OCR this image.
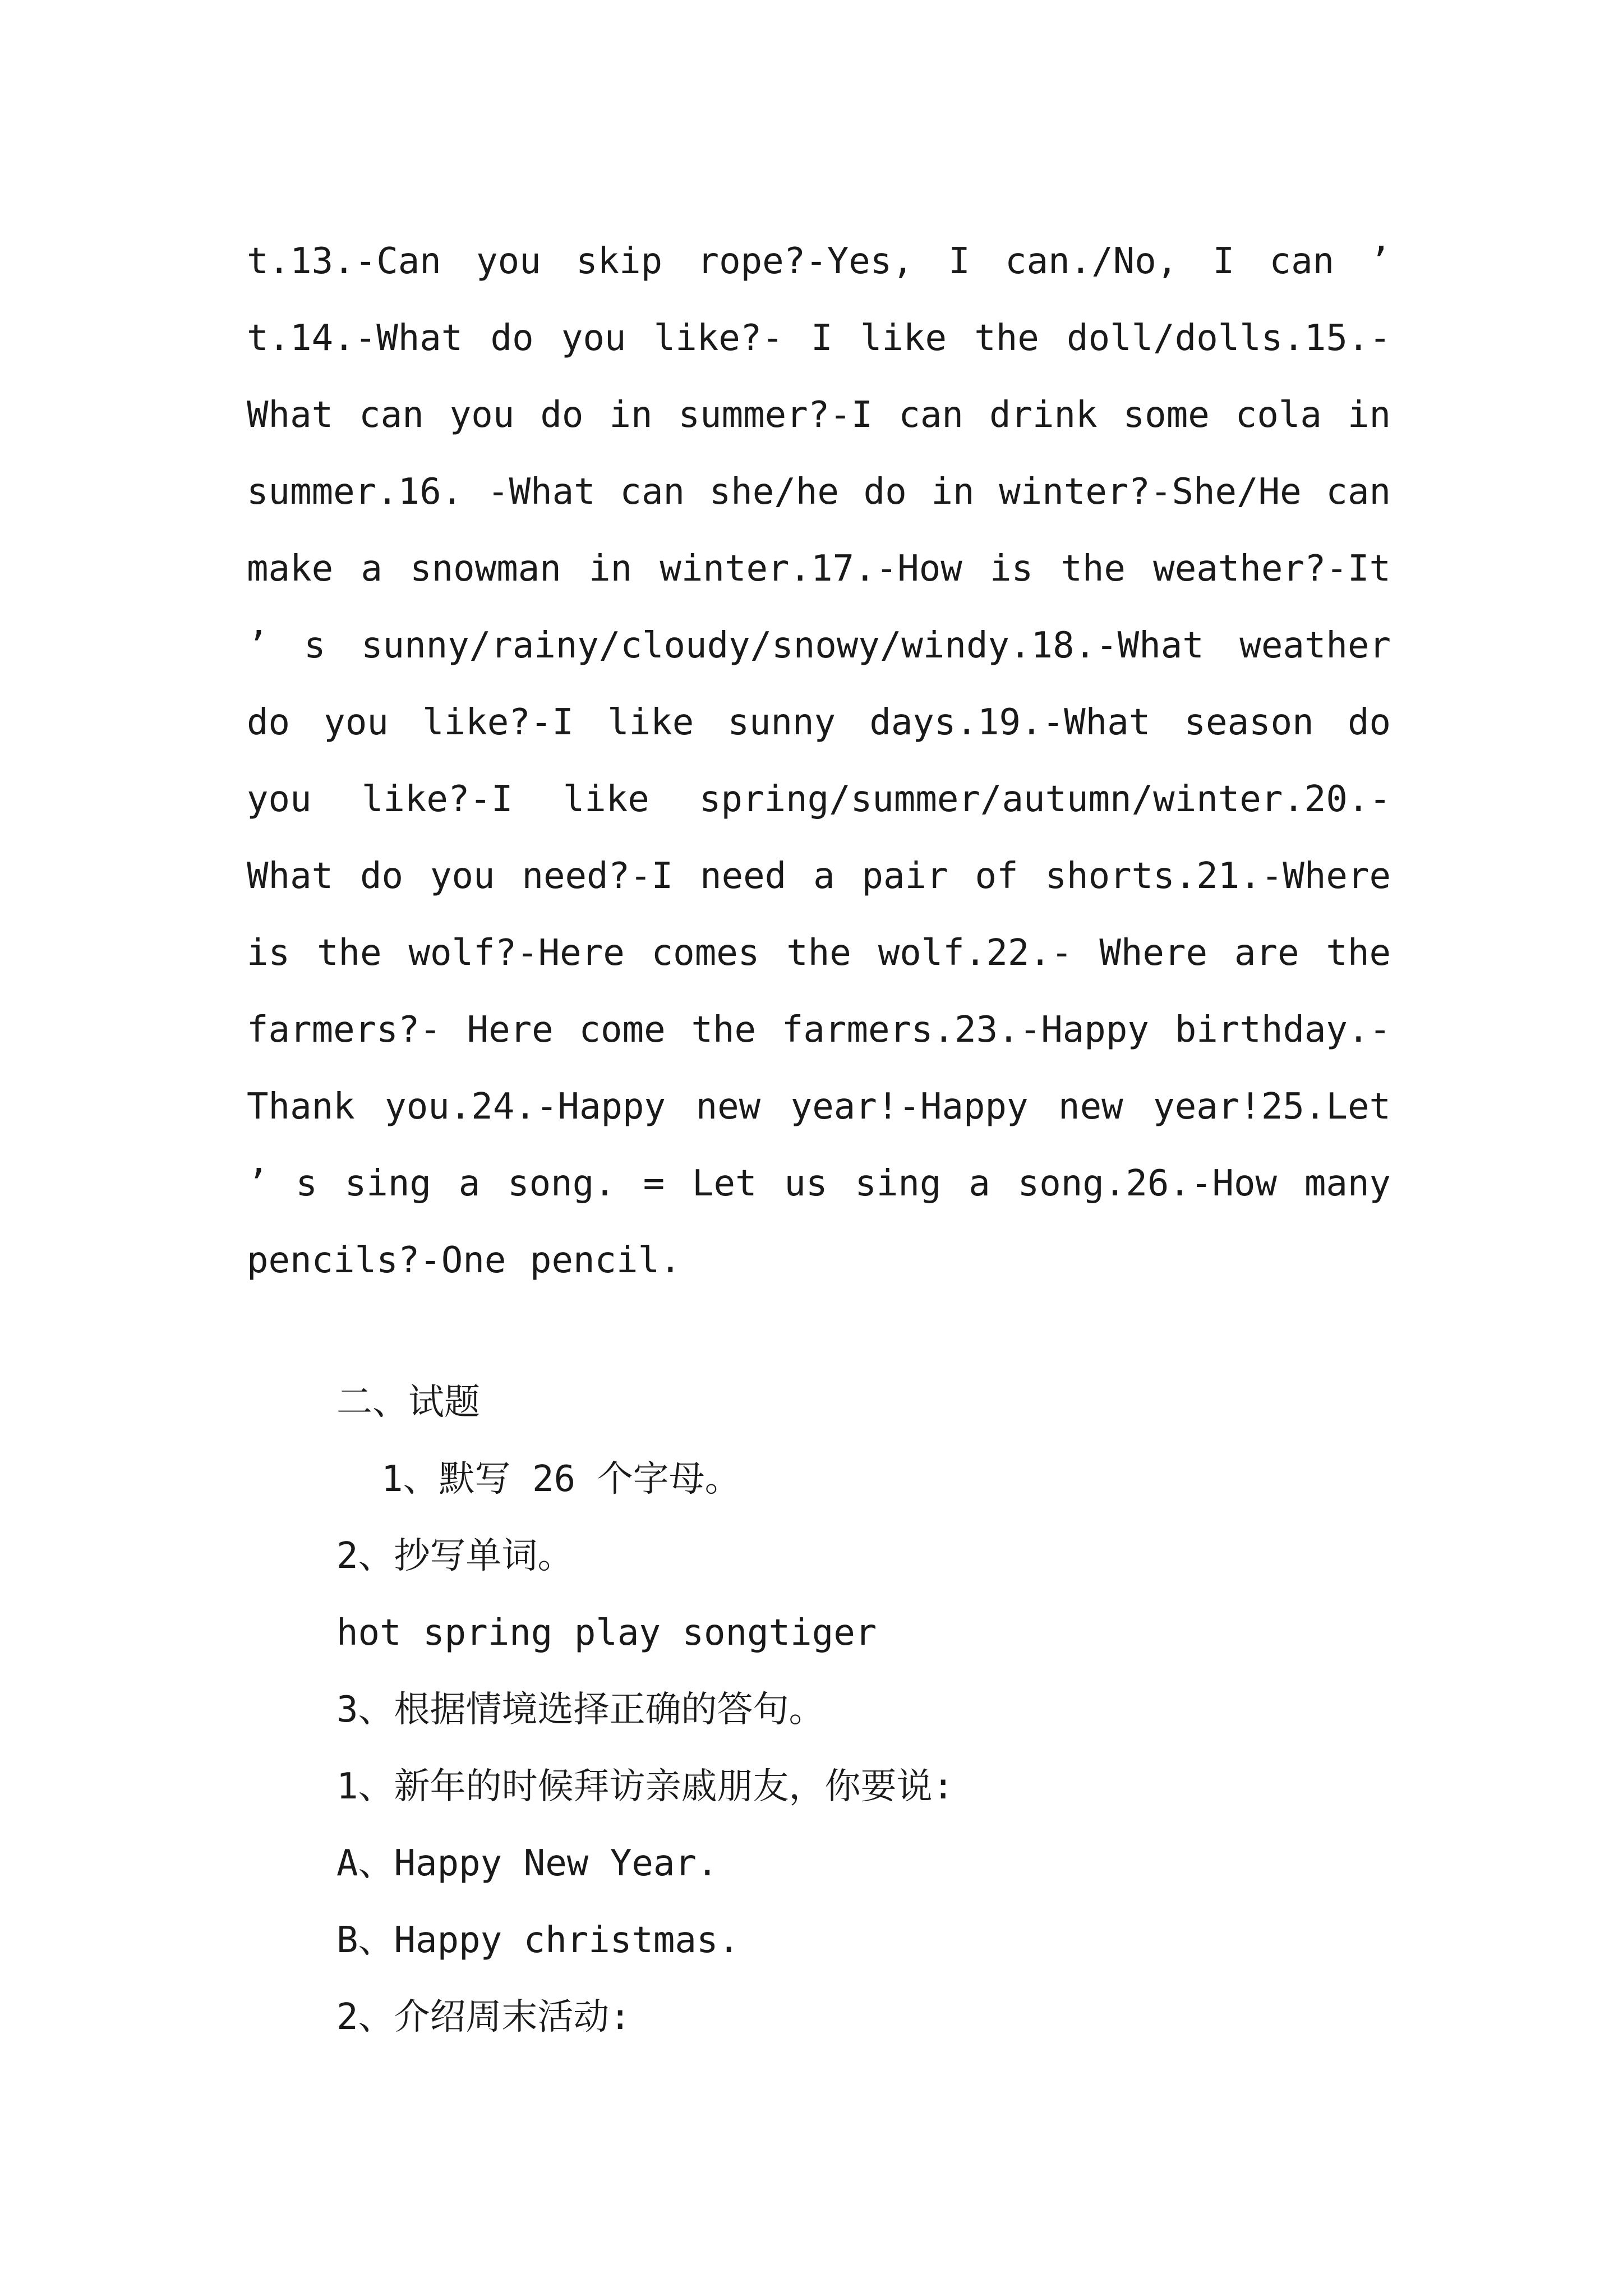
t.13.-Can you skip rope?-Yes, I can./No, I can ’ t.14.-What do you like?- I like the doll/dolls.15.-What can you do in summer?-I can drink some cola in summer.16. -What can she/he do in winter?-She/He can make a snowman in winter.17.-How is the weather?-It ’ s sunny/rainy/cloudy/snowy/windy.18.-What weather do you like?-I like sunny days.19.-What season do you like?-I like spring/summer/autumn/winter.20.-What do you need?-I need a pair of shorts.21.-Where is the wolf?-Here comes the wolf.22.- Where are the farmers?- Here come the farmers.23.-Happy birthday.-Thank you.24.-Happy new year!-Happy new year!25.Let ’ s sing a song. = Let us sing a song.26.-How many pencils?-One pencil.
二、试题
1、默写 26 个字母。
2、抄写单词。
hot spring play songtiger
3、根据情境选择正确的答句。
1、新年的时候拜访亲戚朋友，你要说:
A、Happy New Year.
B、Happy christmas.
2、介绍周末活动:
